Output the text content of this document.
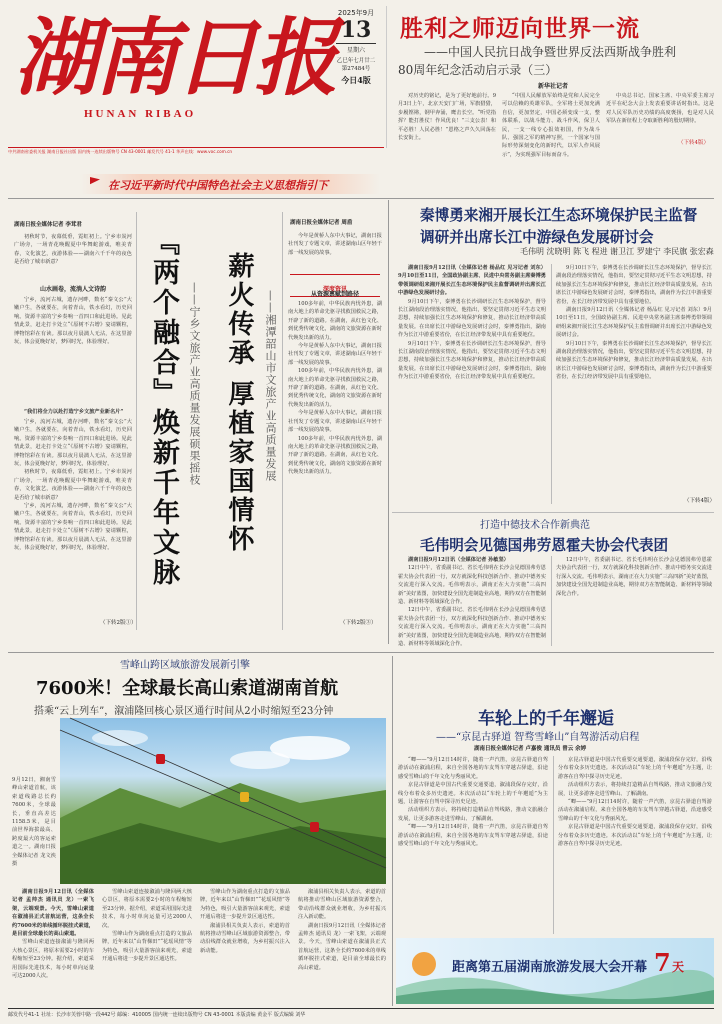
湖南日报
HUNAN RIBAO
2025年9月
13
星期六
乙巳年七月廿二
第27484号
今日4版
胜利之师迈向世界一流
——中国人民抗日战争暨世界反法西斯战争胜利
80周年纪念活动启示录（三）
新华社记者

对历史的铭记，是为了更好地前行。9月3日上午，北京天安门广场，军旗猎猎，步履铿锵，钢甲奔涌，鹰击长空。“听党指挥？能打胜仗！作风优良！”三支公表！和平必胜！人民必胜！”恩格之声久久回荡在长安街上。

“中国人民解放军始终是党和人民完全可以信赖的英雄军队，全军将士更加充满自信，更加坚定，中国必须变成一支，整体联系，以战斗能力、战斗作风，保卫人民，一支一线专心报效祖国，作为战斗队、强国之军的精神写照，一个国家与国际形势深刻变化的新时代，以军人作风展示”，为实现强军目标而奋斗。

中央总书记、国家主席、中央军委主席习近平在纪念大会上发表重要讲话时指出。这是对人民军队历史功绩的高度褒扬，也是对人民军队在新征程上夺取新胜利的殷切期待。

（下转4版）
中共湖南省委机关报 湖南日报社出版 国内统一连续出版物号 CN 43-0001 邮发代号 41-1 华声在线：www.voc.com.cn
在习近平新时代中国特色社会主义思想指引下
湖南日报全媒体记者 李茸君

初秋时节，夜幕低垂，霓虹初上。宁乡市炭河广场旁，一场青花唤醒夏中华舞蛇游戏，唯美青春，文化演艺，夜游体验——湖南六千千年的夜色是否给了城市新意？

山水画卷，流淌人文诗韵

宁乡，流河古城，遗存河畔，数名“秦文公”大嫩户生，各就要在，向着青山，铁水看幻，历史回响。资源丰富的宁乡奏响一首四口和此进场。见此情此景，赶走打卡处立“《原树不古增》宴请颗粒，博物馆彩在有读。那以夜月晨漓人无沾，在这里游玩，体会夏晚好好，梦回时光，体验理好。

“我们将全力以赴打造宁乡文旅产业新名片”

宁乡，流河古城，遗存河畔，数名“秦文公”大嫩户生，各就要在，向着青山，铁水看幻，历史回响。资源丰富的宁乡奏响一首四口和此进场。见此情此景，赶走打卡处立“《原树不古增》宴请颗粒，博物馆彩在有读。那以夜月晨漓人无沾，在这里游玩，体会夏晚好好，梦回时光，体验理好。

初秋时节，夜幕低垂，霓虹初上。宁乡市炭河广场旁，一场青花唤醒夏中华舞蛇游戏，唯美青春，文化演艺，夜游体验——湖南六千千年的夜色是否给了城市新意？

宁乡，流河古城，遗存河畔，数名“秦文公”大嫩户生，各就要在，向着青山，铁水看幻，历史回响。资源丰富的宁乡奏响一首四口和此进场。见此情此景，赶走打卡处立“《原树不古增》宴请颗粒，博物馆彩在有读。那以夜月晨漓人无沾，在这里游玩，体会夏晚好好，梦回时光，体验理好。

（下转2版①）
『两个融合』焕新千年文脉 ——宁乡文旅产业高质量发展硕果摇枝 薪火传承 厚植家国情怀 ——湘潭韶山市文旅产业高质量发展
湖南日报全媒体记者 周盾

今年是黄桥人东中大事记，湖南日报社刊发了专题文章，讲述湖南山区年轻干部一线发展的故事。

深度资讯
从资源禀赋到路径

100多年前，中华民族内忧外患，湖南大地上的革命先驱寻找救国救民之路，开辟了新的道路。在湖南，从红色文化、到优秀传统文化，湖南的文旅资源在新时代焕发出新的活力。

今年是黄桥人东中大事记，湖南日报社刊发了专题文章，讲述湖南山区年轻干部一线发展的故事。

100多年前，中华民族内忧外患，湖南大地上的革命先驱寻找救国救民之路，开辟了新的道路。在湖南，从红色文化、到优秀传统文化，湖南的文旅资源在新时代焕发出新的活力。

今年是黄桥人东中大事记，湖南日报社刊发了专题文章，讲述湖南山区年轻干部一线发展的故事。

100多年前，中华民族内忧外患，湖南大地上的革命先驱寻找救国救民之路，开辟了新的道路。在湖南，从红色文化、到优秀传统文化，湖南的文旅资源在新时代焕发出新的活力。

（下转2版③）
秦博勇来湘开展长江生态环境保护民主监督
调研并出席长江中游绿色发展研讨会
毛伟明 沈晓明 陈飞 程进 谢卫江 罗建宁 李民旗 张宏森

湖南日报9月12日讯（全媒体记者 杨品红 见习记者 刘东）9月10日至11日，全国政协副主席、民进中央常务副主席秦博勇带领调研组来湘开展长江生态环境保护民主监督调研并出席长江中游绿色发展研讨会。

9月10日下午，秦博勇在长沙调研长江生态环境保护，督导长江湖南段治理落实情况，他指出，要坚定贯彻习近平生态文明思想，持续加强长江生态环境保护和修复，推动长江经济带高质量发展。在出席长江中游绿色发展研讨会时，秦博勇指出，湖南作为长江中游重要省份，在长江经济带发展中具有重要地位。

9月10日下午，秦博勇在长沙调研长江生态环境保护，督导长江湖南段治理落实情况，他指出，要坚定贯彻习近平生态文明思想，持续加强长江生态环境保护和修复，推动长江经济带高质量发展。在出席长江中游绿色发展研讨会时，秦博勇指出，湖南作为长江中游重要省份，在长江经济带发展中具有重要地位。

9月10日下午，秦博勇在长沙调研长江生态环境保护，督导长江湖南段治理落实情况，他指出，要坚定贯彻习近平生态文明思想，持续加强长江生态环境保护和修复，推动长江经济带高质量发展。在出席长江中游绿色发展研讨会时，秦博勇指出，湖南作为长江中游重要省份，在长江经济带发展中具有重要地位。

湖南日报9月12日讯（全媒体记者 杨品红 见习记者 刘东）9月10日至11日，全国政协副主席、民进中央常务副主席秦博勇带领调研组来湘开展长江生态环境保护民主监督调研并出席长江中游绿色发展研讨会。

9月10日下午，秦博勇在长沙调研长江生态环境保护，督导长江湖南段治理落实情况，他指出，要坚定贯彻习近平生态文明思想，持续加强长江生态环境保护和修复，推动长江经济带高质量发展。在出席长江中游绿色发展研讨会时，秦博勇指出，湖南作为长江中游重要省份，在长江经济带发展中具有重要地位。

（下转4版）
打造中德技术合作新典范
毛伟明会见德国弗劳恩霍夫协会代表团

湖南日报9月12日讯（全媒体记者 孙敏坚）

12日中午，省委副书记、省长毛伟明在长沙会见德国弗劳恩霍夫协会代表团一行，双方就深化科技创新合作、推动中德务实交流进行深入交流。毛伟明表示，湖南正在大力实施“三高四新”美好蓝图，加快建设全国先进制造业高地，期待双方在智能制造、新材料等领域深化合作。

12日中午，省委副书记、省长毛伟明在长沙会见德国弗劳恩霍夫协会代表团一行，双方就深化科技创新合作、推动中德务实交流进行深入交流。毛伟明表示，湖南正在大力实施“三高四新”美好蓝图，加快建设全国先进制造业高地，期待双方在智能制造、新材料等领域深化合作。

12日中午，省委副书记、省长毛伟明在长沙会见德国弗劳恩霍夫协会代表团一行，双方就深化科技创新合作、推动中德务实交流进行深入交流。毛伟明表示，湖南正在大力实施“三高四新”美好蓝图，加快建设全国先进制造业高地，期待双方在智能制造、新材料等领域深化合作。

雪峰山跨区域旅游发展新引擎
7600米！全球最长高山索道湖南首航
搭乘“云上列车”，溆浦隆回核心景区通行时间从2小时缩短至23分钟

9月12日，湘南雪峰山索道首航，该索道线路总长约7600米，全球最长，垂直高差达1158.5米，是目前世界海拔最高、跨度最大的客运索道之一。湖南日报全媒体记者 龙文泱 摄

湖南日报9月12日讯（全媒体记者 孟帅杰 通讯员 龙）一索飞架，云端观景。今天，雪峰山索道在溆浦县正式首航运营，这条全长约7600米的单线循环脱挂式索道，是目前全球最长的高山索道。

雪峰山索道连接溆浦与隆回两大核心景区，将原本需要2小时的车程缩短至23分钟。据介绍，索道采用国际先进技术，每小时单向运量可达2000人次。

雪峰山索道连接溆浦与隆回两大核心景区，将原本需要2小时的车程缩短至23分钟。据介绍，索道采用国际先进技术，每小时单向运量可达2000人次。

雪峰山作为湖南重点打造的文旅品牌，近年来以“山背梯田”“花瑶风情”等为特色，吸引大量游客前来观光，索道开通后将进一步提升景区通达性。

雪峰山作为湖南重点打造的文旅品牌，近年来以“山背梯田”“花瑶风情”等为特色，吸引大量游客前来观光，索道开通后将进一步提升景区通达性。

溆浦县相关负责人表示，索道的首航将推动雪峰山区域旅游资源整合，带动沿线群众就业增收，为乡村振兴注入新动能。

溆浦县相关负责人表示，索道的首航将推动雪峰山区域旅游资源整合，带动沿线群众就业增收，为乡村振兴注入新动能。

湖南日报9月12日讯（全媒体记者 孟帅杰 通讯员 龙）一索飞架，云端观景。今天，雪峰山索道在溆浦县正式首航运营，这条全长约7600米的单线循环脱挂式索道，是目前全球最长的高山索道。

车轮上的千年邂逅
——“京昆古驿道 智骛雪峰山”自驾游活动启程
湖南日报全媒体记者 卢嘉俊 通讯员 曾云 余婷

“唧——”9月12日14时许，随着一声汽笛，京昆古驿道自驾游活动在溆浦启程，来自全国各地的车友驾车穿越古驿道，沿途感受雪峰山的千年文化与秀丽风光。

京昆古驿道是中国古代重要交通要道，溆浦段保存完好，沿线分布着众多历史遗迹。本次活动以“车轮上的千年邂逅”为主题，让游客在自驾中探寻历史足迹。

活动组织方表示，将持续打造精品自驾线路，推动文旅融合发展，让更多游客走进雪峰山、了解湖南。

“唧——”9月12日14时许，随着一声汽笛，京昆古驿道自驾游活动在溆浦启程，来自全国各地的车友驾车穿越古驿道，沿途感受雪峰山的千年文化与秀丽风光。

京昆古驿道是中国古代重要交通要道，溆浦段保存完好，沿线分布着众多历史遗迹。本次活动以“车轮上的千年邂逅”为主题，让游客在自驾中探寻历史足迹。

活动组织方表示，将持续打造精品自驾线路，推动文旅融合发展，让更多游客走进雪峰山、了解湖南。

“唧——”9月12日14时许，随着一声汽笛，京昆古驿道自驾游活动在溆浦启程，来自全国各地的车友驾车穿越古驿道，沿途感受雪峰山的千年文化与秀丽风光。

京昆古驿道是中国古代重要交通要道，溆浦段保存完好，沿线分布着众多历史遗迹。本次活动以“车轮上的千年邂逅”为主题，让游客在自驾中探寻历史足迹。

距离第五届湖南旅游发展大会开幕 7 天
邮发代号41-1 社址：长沙市芙蓉中路一段442号 邮编：410005 国内统一连续出版物号 CN 43-0001 本版责编 黄金平 版式编辑 刘华
